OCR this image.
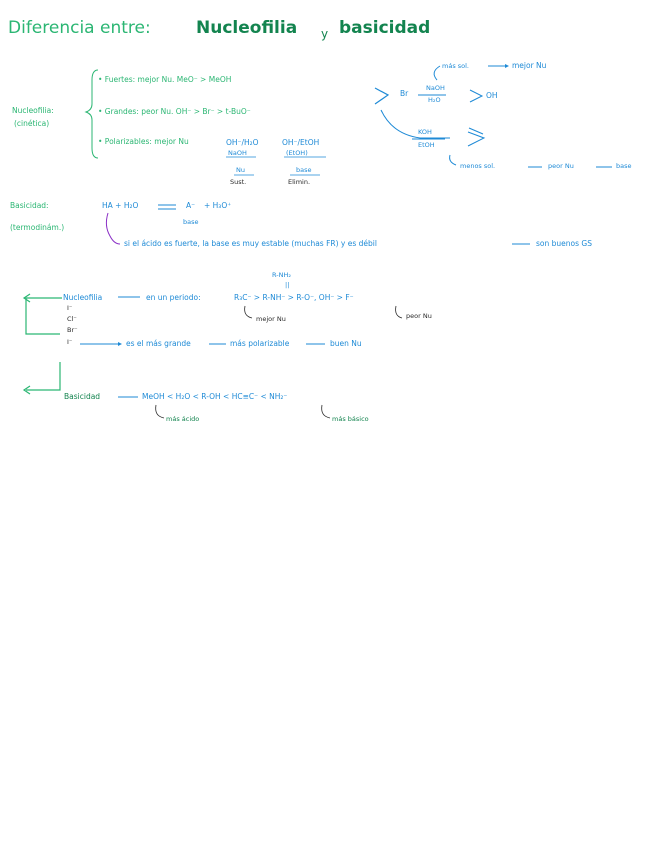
Diferencia entre:	Nucleofilia y basicidad
Nucleofilia:
(cinética)
• Fuertes: mejor Nu. MeO⁻ > MeOH
• Grandes: peor Nu. OH⁻ > Br⁻ > t-BuO⁻
• Polarizables: mejor Nu	OH⁻/H₂O
NaOH
Nu
Sust.
OH⁻/EtOH
(EtOH)
base
Elimin.
Br
más sol.	mejor Nu
NaOH
H₂O	OH
KOH
EtOH
menos sol.	peor Nu	base
Basicidad:
(termodinám.)
HA + H₂O	A⁻
base
+ H₃O⁺
si el ácido es fuerte, la base es muy estable (muchas FR) y es débil	son buenos GS
R-NH₂
||
Nucleofilia	en un periodo:	R₃C⁻ > R-NH⁻ > R-O⁻, OH⁻ > F⁻
mejor Nu	peor Nu
I⁻
Cl⁻
Br⁻
I⁻	es el más grande	más polarizable	buen Nu
Basicidad	MeOH < H₂O < R-OH < HC≡C⁻ < NH₂⁻
más ácido	más básico
